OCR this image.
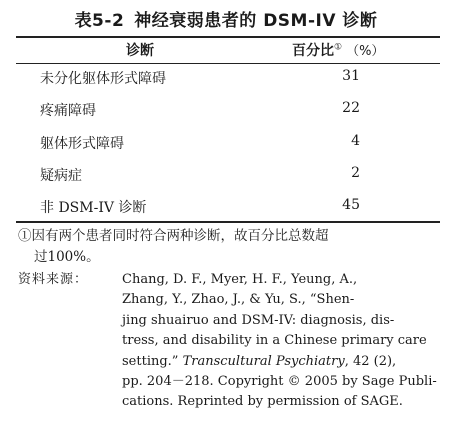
表5-2 神经衰弱患者的 DSM-IV 诊断
诊断	百分比① （%）
未分化躯体形式障碍	31
疼痛障碍	22
躯体形式障碍	4
疑病症	2
非 DSM-IV 诊断	45
①因有两个患者同时符合两种诊断，故百分比总数超
过100%。
资料来源：	Chang, D. F., Myer, H. F., Yeung, A.,
Zhang, Y., Zhao, J., & Yu, S., “Shen-
jing shuairuo and DSM-IV: diagnosis, dis-
tress, and disability in a Chinese primary care
setting.” Transcultural Psychiatry, 42 (2),
pp. 204－218. Copyright © 2005 by Sage Publi-
cations. Reprinted by permission of SAGE.
